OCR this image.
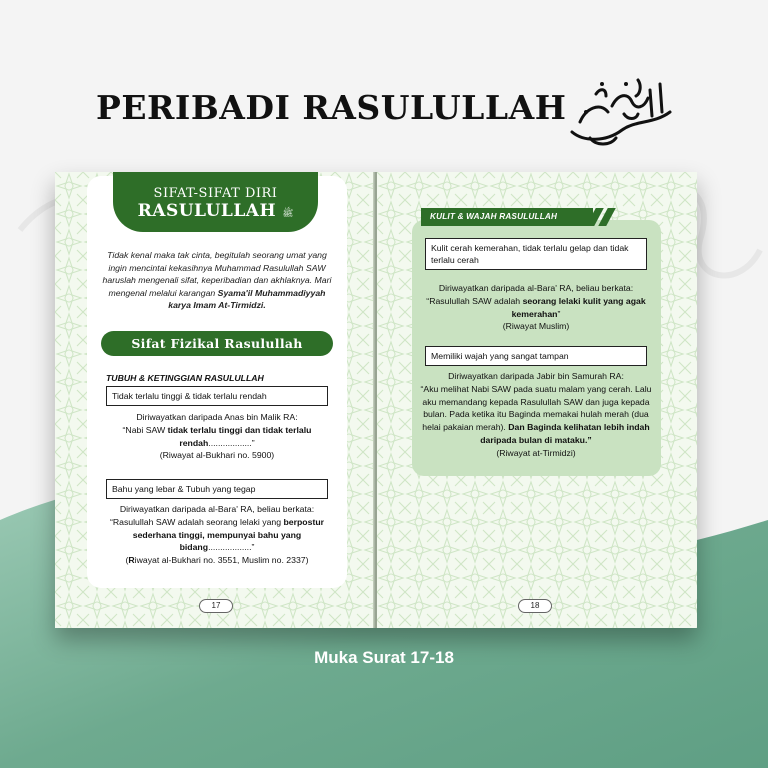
PERIBADI RASULULLAH
SIFAT-SIFAT DIRI
RASULULLAH ﷺ
Tidak kenal maka tak cinta, begitulah seorang umat yang ingin mencintai kekasihnya Muhammad Rasulullah SAW haruslah mengenali sifat, keperibadian dan akhlaknya. Mari mengenal melalui karangan Syama'il Muhammadiyyah karya Imam At-Tirmidzi.
Sifat Fizikal Rasulullah
TUBUH & KETINGGIAN RASULULLAH
Tidak terlalu tinggi & tidak terlalu rendah
Diriwayatkan daripada Anas bin Malik RA:
“Nabi SAW tidak terlalu tinggi dan tidak terlalu rendah..................”
(Riwayat al-Bukhari no. 5900)
Bahu yang lebar & Tubuh yang tegap
Diriwayatkan daripada al-Bara' RA, beliau berkata:
“Rasulullah SAW adalah seorang lelaki yang berpostur sederhana tinggi, mempunyai bahu yang bidang..................”
(Riwayat al-Bukhari no. 3551, Muslim no. 2337)
17
KULIT & WAJAH RASULULLAH
Kulit cerah kemerahan, tidak terlalu gelap dan tidak terlalu cerah
Diriwayatkan daripada al-Bara' RA, beliau berkata:
“Rasulullah SAW adalah seorang lelaki kulit yang agak kemerahan”
(Riwayat Muslim)
Memiliki wajah yang sangat tampan
Diriwayatkan daripada Jabir bin Samurah RA:
“Aku melihat Nabi SAW pada suatu malam yang cerah. Lalu aku memandang kepada Rasulullah SAW dan juga kepada bulan. Pada ketika itu Baginda memakai hulah merah (dua helai pakaian merah). Dan Baginda kelihatan lebih indah daripada bulan di mataku.”
(Riwayat at-Tirmidzi)
18
Muka Surat 17-18
